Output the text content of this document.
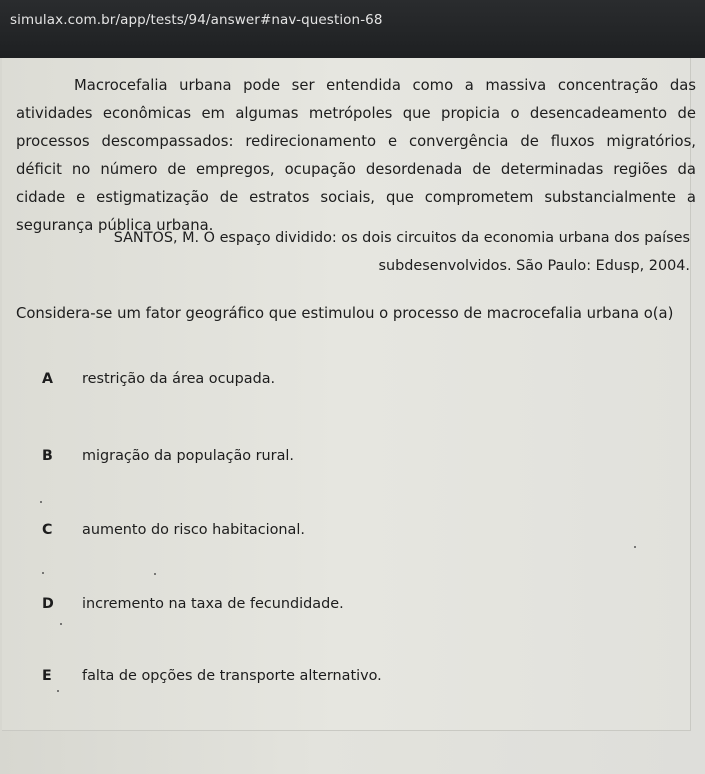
simulax.com.br/app/tests/94/answer#nav-question-68

Macrocefalia urbana pode ser entendida como a massiva concentração das atividades econômicas em algumas metrópoles que propicia o desencadeamento de processos descompassados: redirecionamento e convergência de fluxos migratórios, déficit no número de empregos, ocupação desordenada de determinadas regiões da cidade e estigmatização de estratos sociais, que comprometem substancialmente a segurança pública urbana.

SANTOS, M. O espaço dividido: os dois circuitos da economia urbana dos países
subdesenvolvidos. São Paulo: Edusp, 2004.
Considera-se um fator geográfico que estimulou o processo de macrocefalia urbana o(a)
A	restrição da área ocupada.
B	migração da população rural.
C	aumento do risco habitacional.
D	incremento na taxa de fecundidade.
E	falta de opções de transporte alternativo.
